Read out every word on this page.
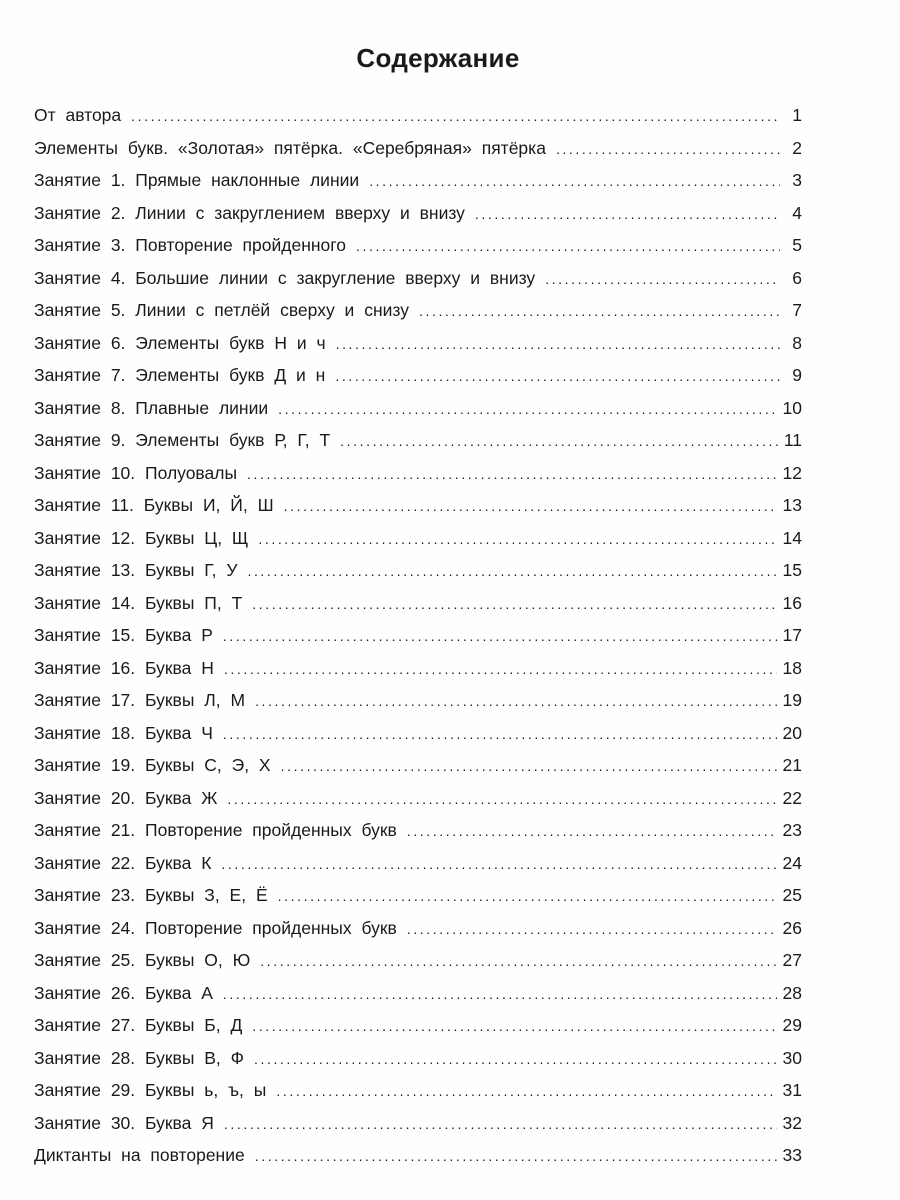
Содержание
От автора .....	1
Элементы букв. «Золотая» пятёрка. «Серебряная» пятёрка .....	2
Занятие 1. Прямые наклонные линии .....	3
Занятие 2. Линии с закруглением вверху и внизу .....	4
Занятие 3. Повторение пройденного .....	5
Занятие 4. Большие линии с закругление вверху и внизу .....	6
Занятие 5. Линии с петлёй сверху и снизу .....	7
Занятие 6. Элементы букв Н и ч .....	8
Занятие 7. Элементы букв Д и н .....	9
Занятие 8. Плавные линии .....	10
Занятие 9. Элементы букв Р, Г, Т .....	11
Занятие 10. Полуовалы .....	12
Занятие 11. Буквы И, Й, Ш .....	13
Занятие 12. Буквы Ц, Щ .....	14
Занятие 13. Буквы Г, У .....	15
Занятие 14. Буквы П, Т .....	16
Занятие 15. Буква Р .....	17
Занятие 16. Буква Н .....	18
Занятие 17. Буквы Л, М .....	19
Занятие 18. Буква Ч .....	20
Занятие 19. Буквы С, Э, Х .....	21
Занятие 20. Буква Ж .....	22
Занятие 21. Повторение пройденных букв .....	23
Занятие 22. Буква К .....	24
Занятие 23. Буквы З, Е, Ё .....	25
Занятие 24. Повторение пройденных букв .....	26
Занятие 25. Буквы О, Ю .....	27
Занятие 26. Буква А .....	28
Занятие 27. Буквы Б, Д .....	29
Занятие 28. Буквы В, Ф .....	30
Занятие 29. Буквы ь, ъ, ы .....	31
Занятие 30. Буква Я .....	32
Диктанты на повторение .....	33
